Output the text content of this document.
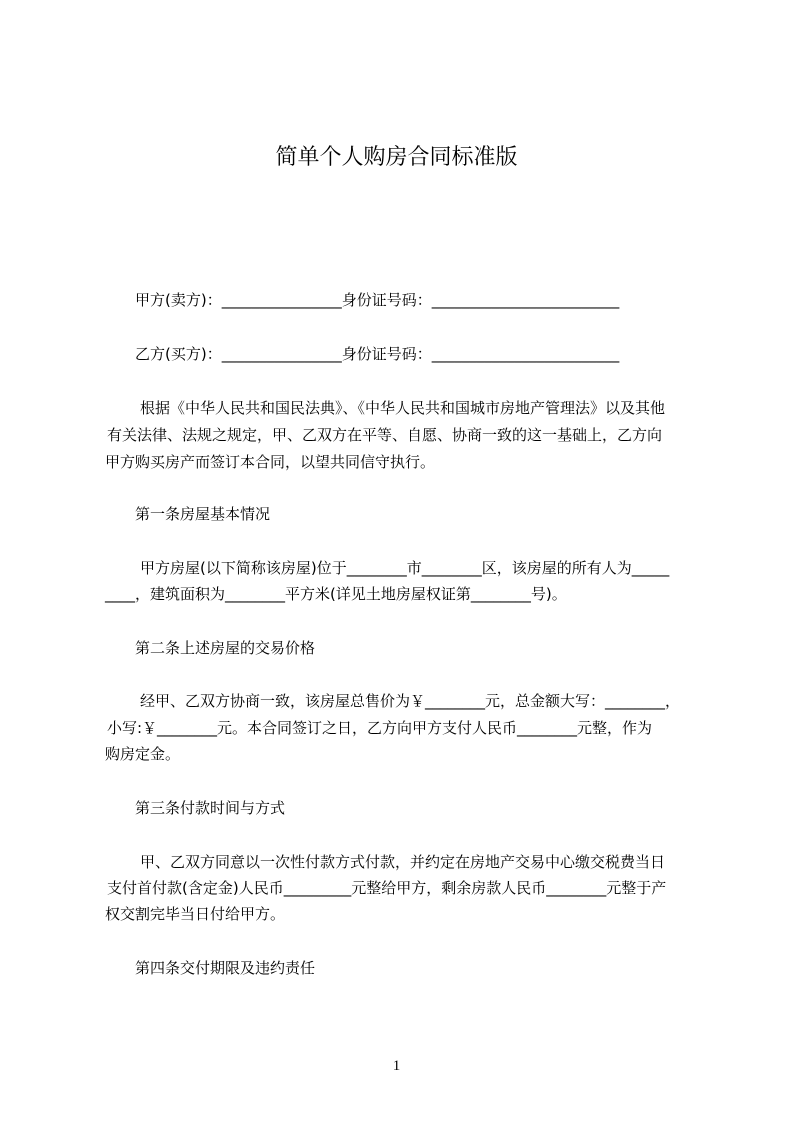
简单个人购房合同标准版
甲方(卖方)：________________身份证号码：_________________________
乙方(买方)：________________身份证号码：_________________________
根据《中华人民共和国民法典》、《中华人民共和国城市房地产管理法》以及其他
有关法律、法规之规定，甲、乙双方在平等、自愿、协商一致的这一基础上，乙方向
甲方购买房产而签订本合同，以望共同信守执行。
第一条房屋基本情况
甲方房屋(以下简称该房屋)位于________市________区，该房屋的所有人为_____
____，建筑面积为________平方米(详见土地房屋权证第________号)。
第二条上述房屋的交易价格
经甲、乙双方协商一致，该房屋总售价为￥________元，总金额大写：________，
小写:￥________元。本合同签订之日，乙方向甲方支付人民币________元整，作为
购房定金。
第三条付款时间与方式
甲、乙双方同意以一次性付款方式付款，并约定在房地产交易中心缴交税费当日
支付首付款(含定金)人民币_________元整给甲方，剩余房款人民币________元整于产
权交割完毕当日付给甲方。
第四条交付期限及违约责任
1
